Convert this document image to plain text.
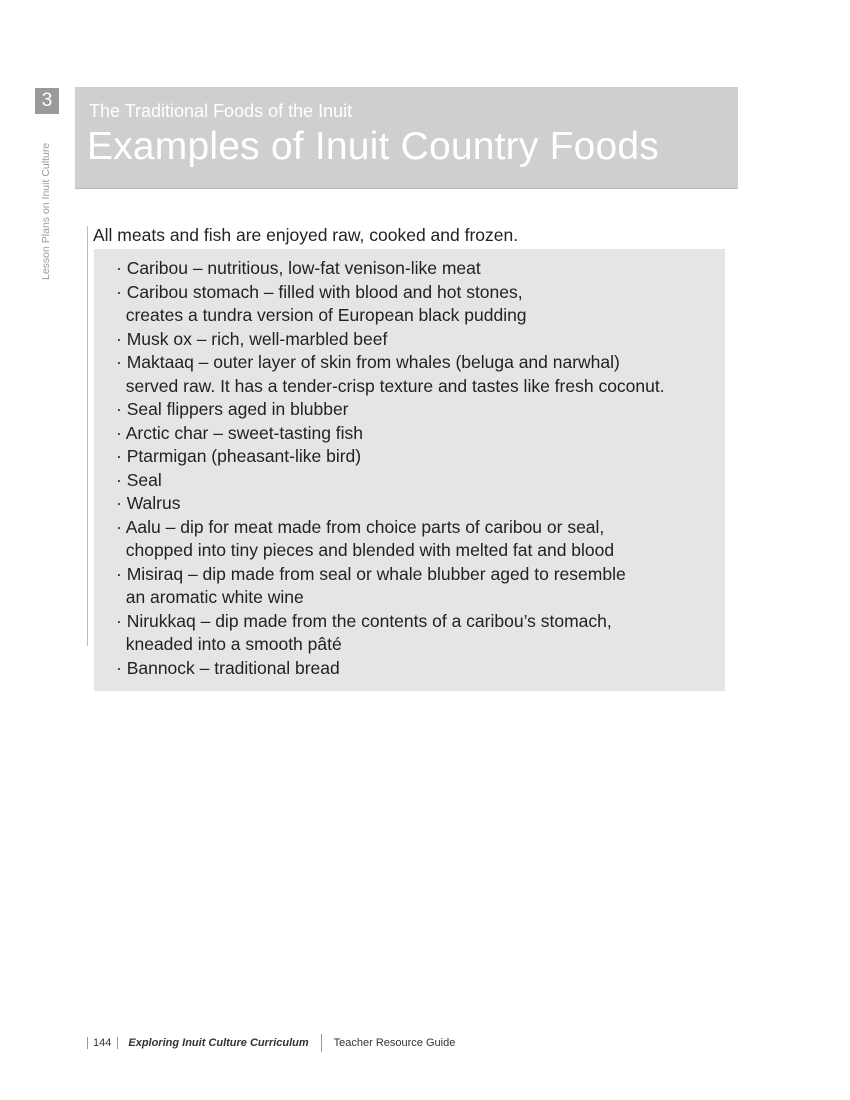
3
Lesson Plans on Inuit Culture
The Traditional Foods of the Inuit
Examples of Inuit Country Foods
All meats and fish are enjoyed raw, cooked and frozen.
· Caribou – nutritious, low-fat venison-like meat
· Caribou stomach – filled with blood and hot stones,
creates a tundra version of European black pudding
· Musk ox – rich, well-marbled beef
· Maktaaq – outer layer of skin from whales (beluga and narwhal)
served raw. It has a tender-crisp texture and tastes like fresh coconut.
· Seal flippers aged in blubber
· Arctic char – sweet-tasting fish
· Ptarmigan (pheasant-like bird)
· Seal
· Walrus
· Aalu – dip for meat made from choice parts of caribou or seal,
chopped into tiny pieces and blended with melted fat and blood
· Misiraq – dip made from seal or whale blubber aged to resemble
an aromatic white wine
· Nirukkaq – dip made from the contents of a caribou’s stomach,
kneaded into a smooth pâté
· Bannock – traditional bread
144	Exploring Inuit Culture Curriculum Teacher Resource Guide
